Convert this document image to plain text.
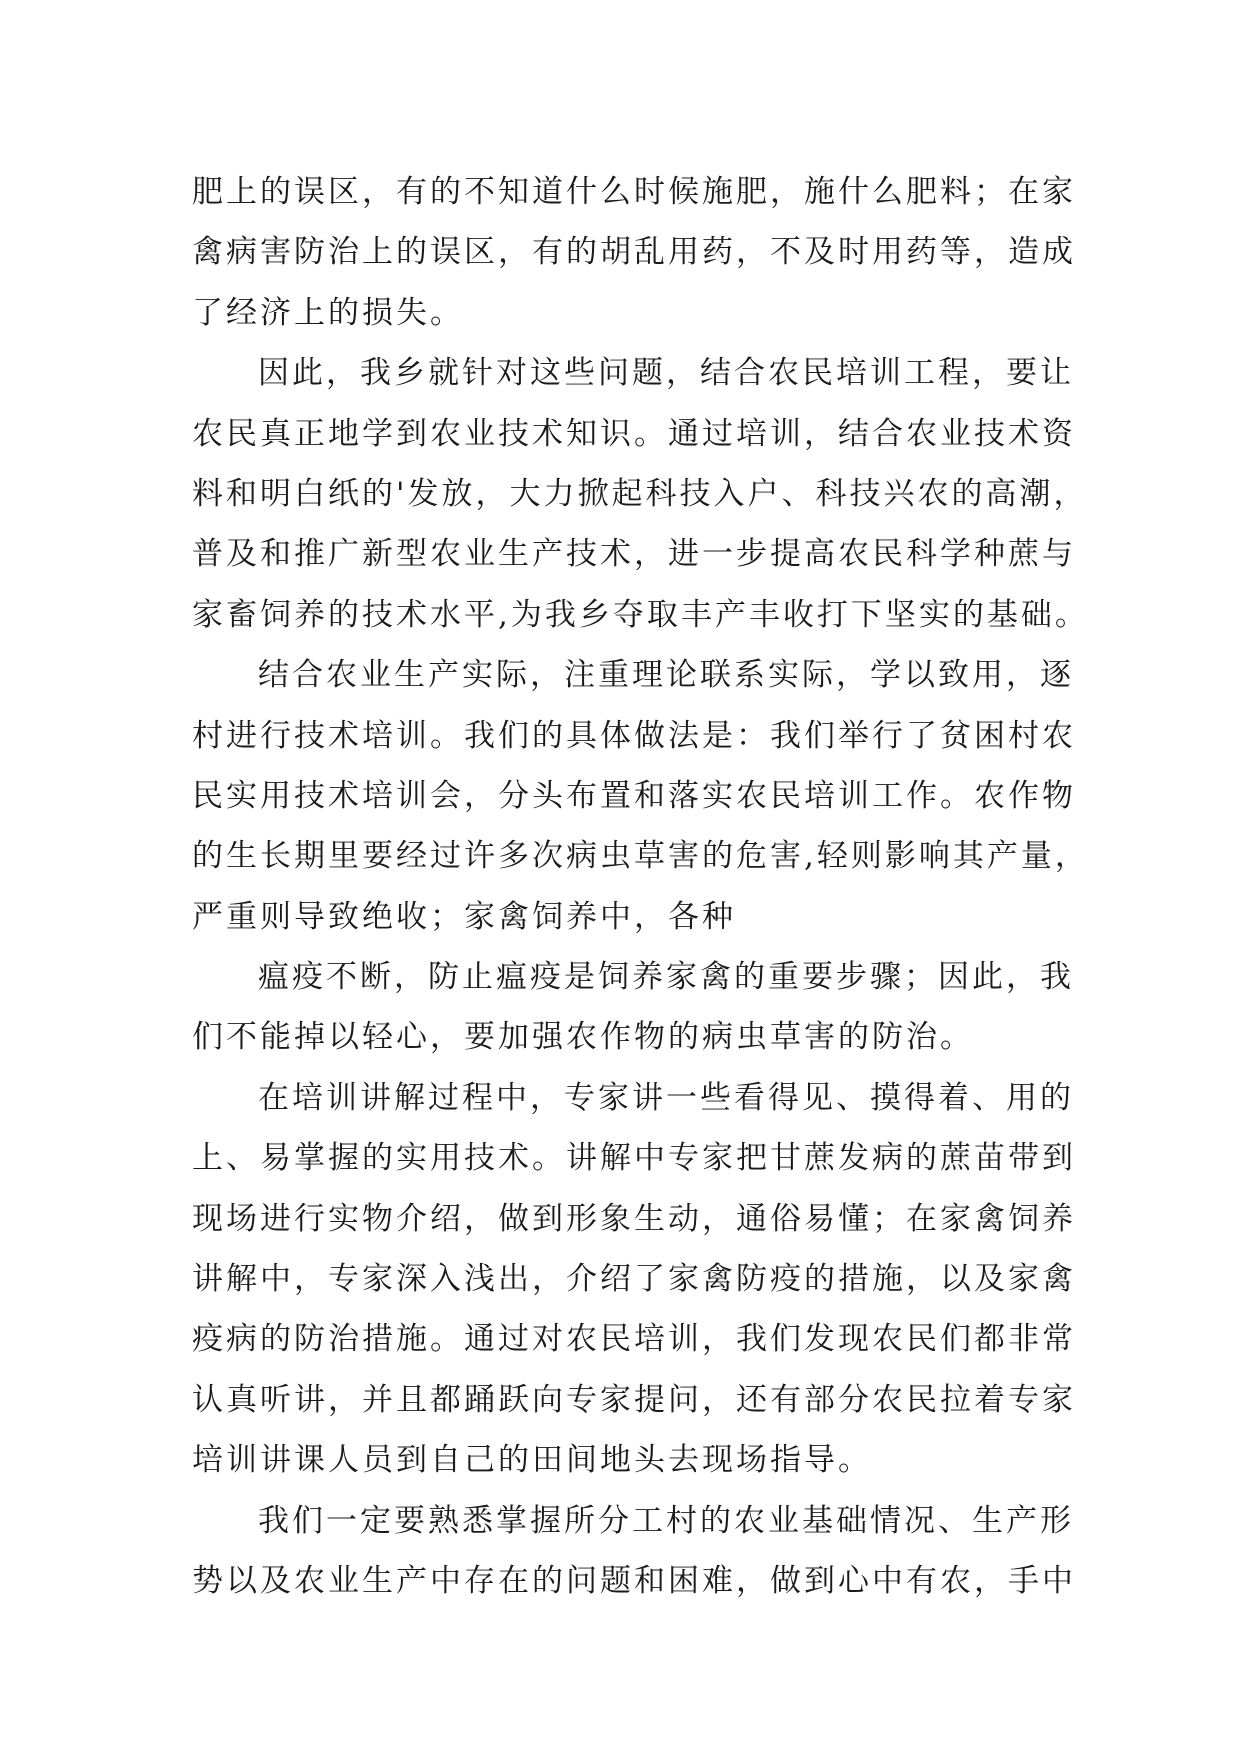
肥上的误区，有的不知道什么时候施肥，施什么肥料；在家
禽病害防治上的误区，有的胡乱用药，不及时用药等，造成
了经济上的损失。
因此，我乡就针对这些问题，结合农民培训工程，要让
农民真正地学到农业技术知识。通过培训，结合农业技术资
料和明白纸的'发放，大力掀起科技入户、科技兴农的高潮，
普及和推广新型农业生产技术，进一步提高农民科学种蔗与
家畜饲养的技术水平,为我乡夺取丰产丰收打下坚实的基础。
结合农业生产实际，注重理论联系实际，学以致用，逐
村进行技术培训。我们的具体做法是：我们举行了贫困村农
民实用技术培训会，分头布置和落实农民培训工作。农作物
的生长期里要经过许多次病虫草害的危害,轻则影响其产量，
严重则导致绝收；家禽饲养中，各种
瘟疫不断，防止瘟疫是饲养家禽的重要步骤；因此，我
们不能掉以轻心，要加强农作物的病虫草害的防治。
在培训讲解过程中，专家讲一些看得见、摸得着、用的
上、易掌握的实用技术。讲解中专家把甘蔗发病的蔗苗带到
现场进行实物介绍，做到形象生动，通俗易懂；在家禽饲养
讲解中，专家深入浅出，介绍了家禽防疫的措施，以及家禽
疫病的防治措施。通过对农民培训，我们发现农民们都非常
认真听讲，并且都踊跃向专家提问，还有部分农民拉着专家
培训讲课人员到自己的田间地头去现场指导。
我们一定要熟悉掌握所分工村的农业基础情况、生产形
势以及农业生产中存在的问题和困难，做到心中有农，手中
